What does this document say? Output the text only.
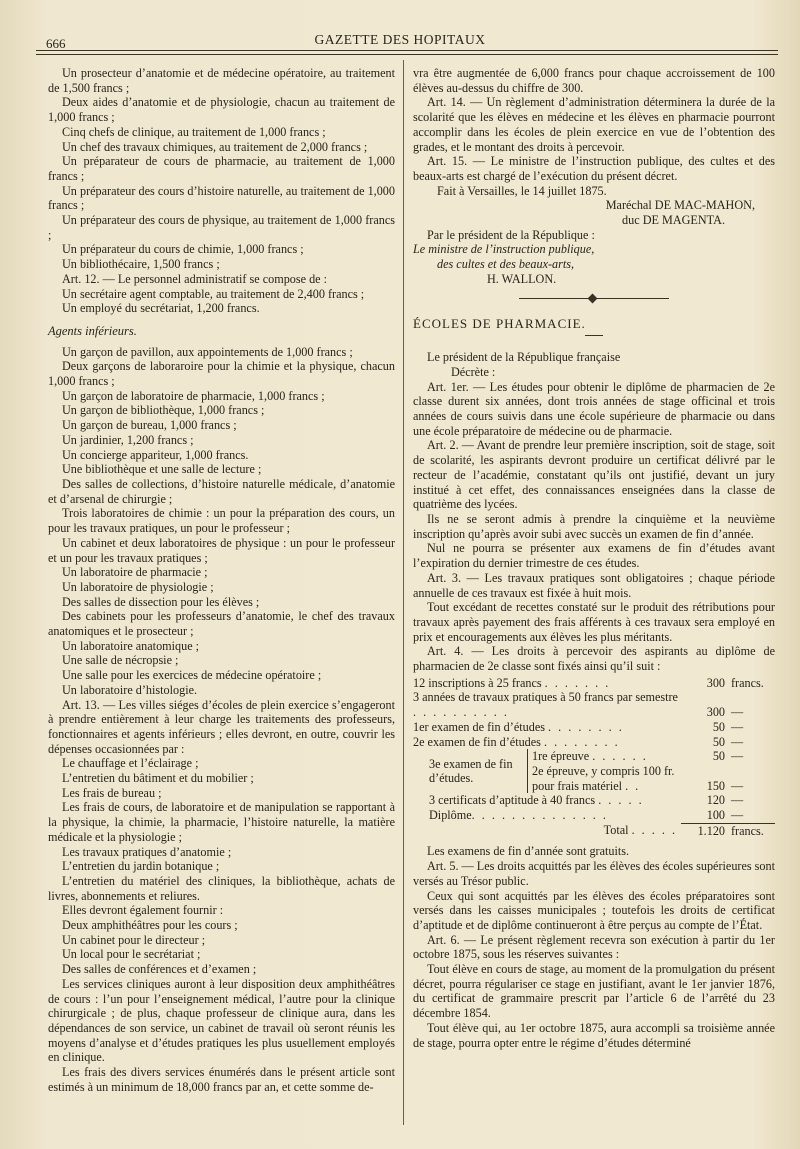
666	GAZETTE DES HOPITAUX

Un prosecteur d’anatomie et de médecine opératoire, au traitement de 1,500 francs ;

Deux aides d’anatomie et de physiologie, chacun au traitement de 1,000 francs ;

Cinq chefs de clinique, au traitement de 1,000 francs ;

Un chef des travaux chimiques, au traitement de 2,000 francs ;

Un préparateur de cours de pharmacie, au traitement de 1,000 francs ;

Un préparateur des cours d’histoire naturelle, au traitement de 1,000 francs ;

Un préparateur des cours de physique, au traitement de 1,000 francs ;

Un préparateur du cours de chimie, 1,000 francs ;

Un bibliothécaire, 1,500 francs ;

Art. 12. — Le personnel administratif se compose de :

Un secrétaire agent comptable, au traitement de 2,400 francs ;

Un employé du secrétariat, 1,200 francs.

Agents inférieurs.

Un garçon de pavillon, aux appointements de 1,000 francs ;

Deux garçons de laboraroire pour la chimie et la physique, chacun 1,000 francs ;

Un garçon de laboratoire de pharmacie, 1,000 francs ;

Un garçon de bibliothèque, 1,000 francs ;

Un garçon de bureau, 1,000 francs ;

Un jardinier, 1,200 francs ;

Un concierge appariteur, 1,000 francs.

Une bibliothèque et une salle de lecture ;

Des salles de collections, d’histoire naturelle médicale, d’anatomie et d’arsenal de chirurgie ;

Trois laboratoires de chimie : un pour la préparation des cours, un pour les travaux pratiques, un pour le professeur ;

Un cabinet et deux laboratoires de physique : un pour le professeur et un pour les travaux pratiques ;

Un laboratoire de pharmacie ;

Un laboratoire de physiologie ;

Des salles de dissection pour les élèves ;

Des cabinets pour les professeurs d’anatomie, le chef des travaux anatomiques et le prosecteur ;

Un laboratoire anatomique ;

Une salle de nécropsie ;

Une salle pour les exercices de médecine opératoire ;

Un laboratoire d’histologie.

Art. 13. — Les villes siéges d’écoles de plein exercice s’engageront à prendre entièrement à leur charge les traitements des professeurs, fonctionnaires et agents inférieurs ; elles devront, en outre, couvrir les dépenses occasionnées par :

Le chauffage et l’éclairage ;

L’entretien du bâtiment et du mobilier ;

Les frais de bureau ;

Les frais de cours, de laboratoire et de manipulation se rapportant à la physique, la chimie, la pharmacie, l’histoire naturelle, la matière médicale et la physiologie ;

Les travaux pratiques d’anatomie ;

L’entretien du jardin botanique ;

L’entretien du matériel des cliniques, la bibliothèque, achats de livres, abonnements et reliures.

Elles devront également fournir :

Deux amphithéâtres pour les cours ;

Un cabinet pour le directeur ;

Un local pour le secrétariat ;

Des salles de conférences et d’examen ;

Les services cliniques auront à leur disposition deux amphithéâtres de cours : l’un pour l’enseignement médical, l’autre pour la clinique chirurgicale ; de plus, chaque professeur de clinique aura, dans les dépendances de son service, un cabinet de travail où seront réunis les moyens d’analyse et d’études pratiques les plus usuellement employés en clinique.

Les frais des divers services énumérés dans le présent article sont estimés à un minimum de 18,000 francs par an, et cette somme de-

vra être augmentée de 6,000 francs pour chaque accroissement de 100 élèves au-dessus du chiffre de 300.

Art. 14. — Un règlement d’administration déterminera la durée de la scolarité que les élèves en médecine et les élèves en pharmacie pourront accomplir dans les écoles de plein exercice en vue de l’obtention des grades, et le montant des droits à percevoir.

Art. 15. — Le ministre de l’instruction publique, des cultes et des beaux-arts est chargé de l’exécution du présent décret.

Fait à Versailles, le 14 juillet 1875.

Maréchal DE MAC-MAHON,

duc DE MAGENTA.

Par le président de la République :

Le ministre de l’instruction publique,

des cultes et des beaux-arts,

H. WALLON.

ÉCOLES DE PHARMACIE.

Le président de la République française

Décrète :

Art. 1er. — Les études pour obtenir le diplôme de pharmacien de 2e classe durent six années, dont trois années de stage officinal et trois années de cours suivis dans une école supérieure de pharmacie ou dans une école préparatoire de médecine ou de pharmacie.

Art. 2. — Avant de prendre leur première inscription, soit de stage, soit de scolarité, les aspirants devront produire un certificat délivré par le recteur de l’académie, constatant qu’ils ont justifié, devant un jury institué à cet effet, des connaissances enseignées dans la classe de quatrième des lycées.

Ils ne se seront admis à prendre la cinquième et la neuvième inscription qu’après avoir subi avec succès un examen de fin d’année.

Nul ne pourra se présenter aux examens de fin d’études avant l’expiration du dernier trimestre de ces études.

Art. 3. — Les travaux pratiques sont obligatoires ; chaque période annuelle de ces travaux est fixée à huit mois.

Tout excédant de recettes constaté sur le produit des rétributions pour travaux après payement des frais afférents à ces travaux sera employé en prix et encouragements aux élèves les plus méritants.

Art. 4. — Les droits à percevoir des aspirants au diplôme de pharmacien de 2e classe sont fixés ainsi qu’il suit :

12 inscriptions à 25 francs . . . . . . .		300	francs.
3 années de travaux pratiques à 50 francs par semestre . . . . . . . . . .		300	—
1er examen de fin d’études . . . . . . . .		50	—
2e examen de fin d’études . . . . . . . .		50	—
3e examen de fin d’études.	1re épreuve . . . . . .	50	—
	2e épreuve, y compris 100 fr. pour frais matériel . .	150	—
3 certificats d’aptitude à 40 francs . . . . .		120	—
Diplôme. . . . . . . . . . . . . .		100	—
Total . . . . .		1.120	francs.

Les examens de fin d’année sont gratuits.

Art. 5. — Les droits acquittés par les élèves des écoles supérieures sont versés au Trésor public.

Ceux qui sont acquittés par les élèves des écoles préparatoires sont versés dans les caisses municipales ; toutefois les droits de certificat d’aptitude et de diplôme continueront à être perçus au compte de l’État.

Art. 6. — Le présent règlement recevra son exécution à partir du 1er octobre 1875, sous les réserves suivantes :

Tout élève en cours de stage, au moment de la promulgation du présent décret, pourra régulariser ce stage en justifiant, avant le 1er janvier 1876, du certificat de grammaire prescrit par l’article 6 de l’arrêté du 23 décembre 1854.

Tout élève qui, au 1er octobre 1875, aura accompli sa troisième année de stage, pourra opter entre le régime d’études déterminé
